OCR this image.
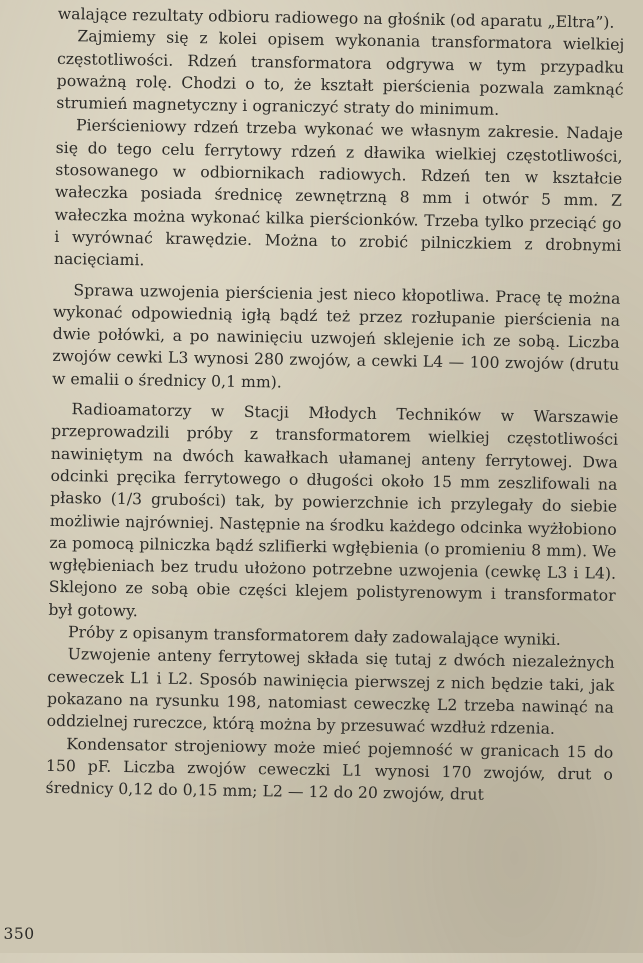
walające rezultaty odbioru radiowego na głośnik (od aparatu „Eltra”).

Zajmiemy się z kolei opisem wykonania transformatora wielkiej częstotliwości. Rdzeń transformatora odgrywa w tym przypadku poważną rolę. Chodzi o to, że kształt pierścienia pozwala zamknąć strumień magnetyczny i ograniczyć straty do minimum.

Pierścieniowy rdzeń trzeba wykonać we własnym zakresie. Nadaje się do tego celu ferrytowy rdzeń z dławika wielkiej częstotliwości, stosowanego w odbiornikach radiowych. Rdzeń ten w kształcie wałeczka posiada średnicę zewnętrzną 8 mm i otwór 5 mm. Z wałeczka można wykonać kilka pierścionków. Trzeba tylko przeciąć go i wyrównać krawędzie. Można to zrobić pilniczkiem z drobnymi nacięciami.

Sprawa uzwojenia pierścienia jest nieco kłopotliwa. Pracę tę można wykonać odpowiednią igłą bądź też przez rozłupanie pierścienia na dwie połówki, a po nawinięciu uzwojeń sklejenie ich ze sobą. Liczba zwojów cewki L3 wynosi 280 zwojów, a cewki L4 — 100 zwojów (drutu w emalii o średnicy 0,1 mm).

Radioamatorzy w Stacji Młodych Techników w Warszawie przeprowadzili próby z transformatorem wielkiej częstotliwości nawiniętym na dwóch kawałkach ułamanej anteny ferrytowej. Dwa odcinki pręcika ferrytowego o długości około 15 mm zeszlifowali na płasko (1/3 grubości) tak, by powierzchnie ich przylegały do siebie możliwie najrówniej. Następnie na środku każdego odcinka wyżłobiono za pomocą pilniczka bądź szlifierki wgłębienia (o promieniu 8 mm). We wgłębieniach bez trudu ułożono potrzebne uzwojenia (cewkę L3 i L4). Sklejono ze sobą obie części klejem polistyrenowym i transformator był gotowy.

Próby z opisanym transformatorem dały zadowalające wyniki.

Uzwojenie anteny ferrytowej składa się tutaj z dwóch niezależnych ceweczek L1 i L2. Sposób nawinięcia pierwszej z nich będzie taki, jak pokazano na rysunku 198, natomiast ceweczkę L2 trzeba nawinąć na oddzielnej rureczce, którą można by przesuwać wzdłuż rdzenia.

Kondensator strojeniowy może mieć pojemność w granicach 15 do 150 pF. Liczba zwojów ceweczki L1 wynosi 170 zwojów, drut o średnicy 0,12 do 0,15 mm; L2 — 12 do 20 zwojów, drut

350
